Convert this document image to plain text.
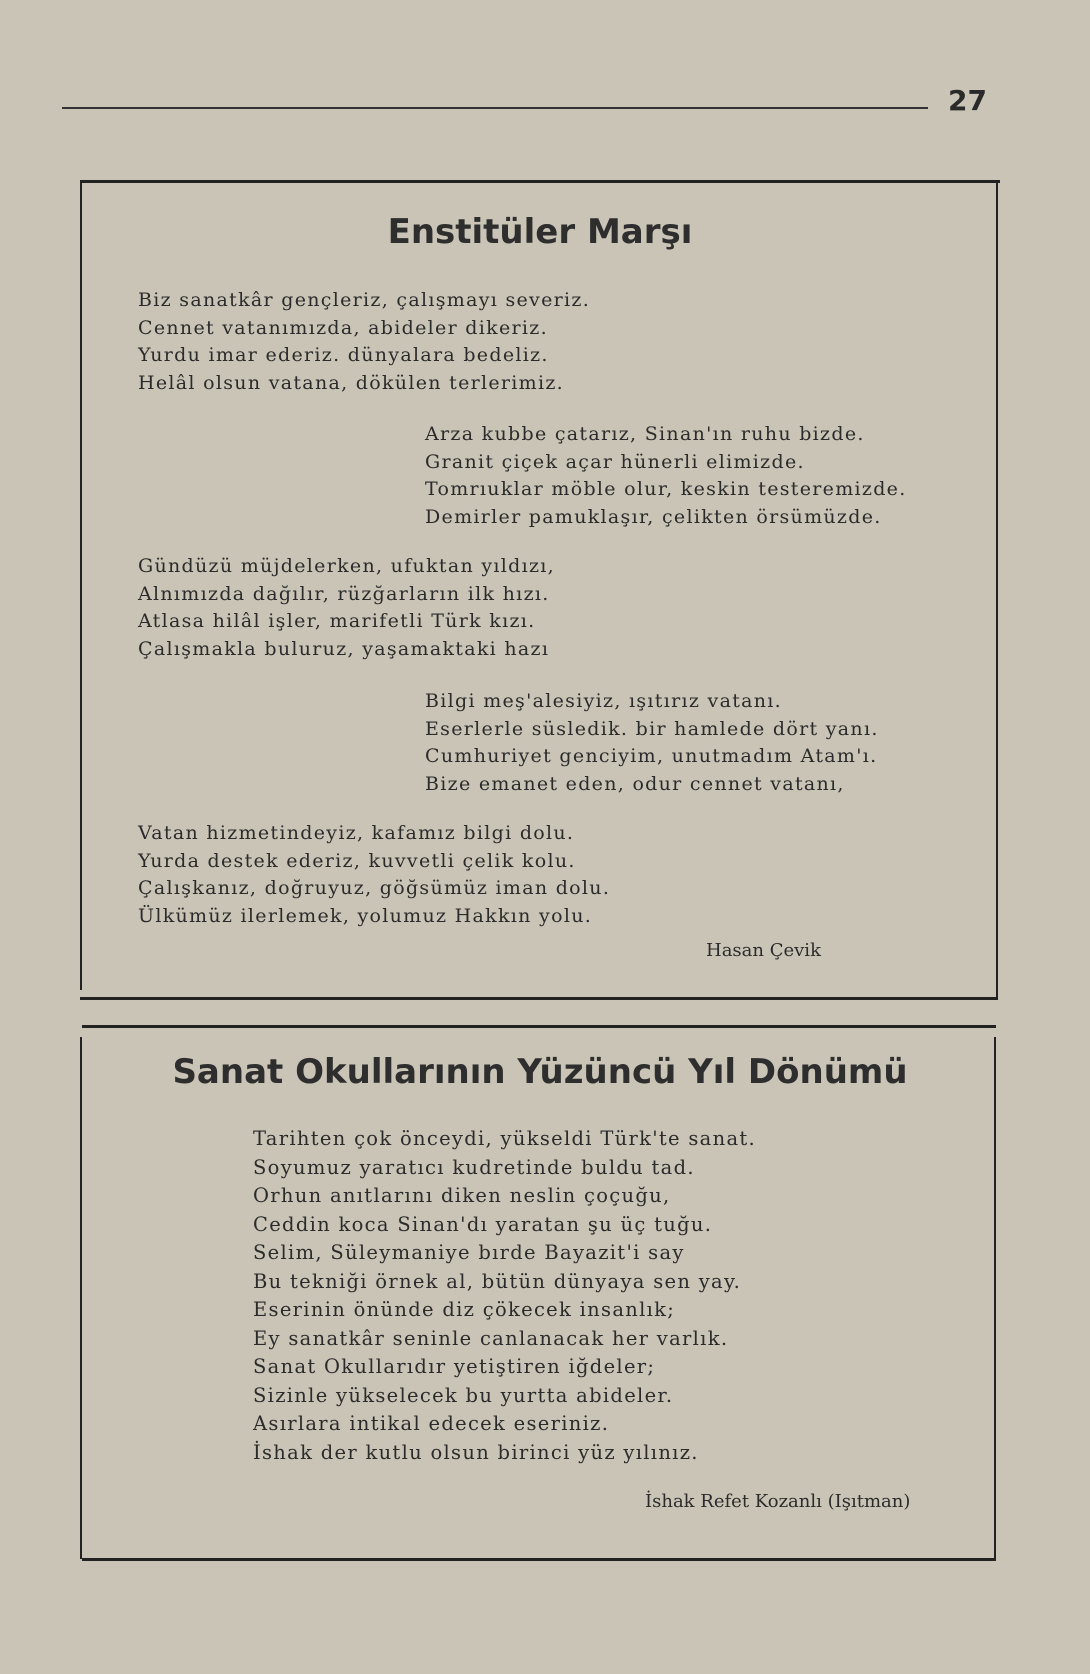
27
Enstitüler Marşı
Biz sanatkâr gençleriz, çalışmayı severiz.
Cennet vatanımızda, abideler dikeriz.
Yurdu imar ederiz. dünyalara bedeliz.
Helâl olsun vatana, dökülen terlerimiz.
Arza kubbe çatarız, Sinan'ın ruhu bizde.
Granit çiçek açar hünerli elimizde.
Tomrıuklar möble olur, keskin testeremizde.
Demirler pamuklaşır, çelikten örsümüzde.
Gündüzü müjdelerken, ufuktan yıldızı,
Alnımızda dağılır, rüzğarların ilk hızı.
Atlasa hilâl işler, marifetli Türk kızı.
Çalışmakla buluruz, yaşamaktaki hazı
Bilgi meş'alesiyiz, ışıtırız vatanı.
Eserlerle süsledik. bir hamlede dört yanı.
Cumhuriyet genciyim, unutmadım Atam'ı.
Bize emanet eden, odur cennet vatanı,
Vatan hizmetindeyiz, kafamız bilgi dolu.
Yurda destek ederiz, kuvvetli çelik kolu.
Çalışkanız, doğruyuz, göğsümüz iman dolu.
Ülkümüz ilerlemek, yolumuz Hakkın yolu.
Hasan Çevik
Sanat Okullarının Yüzüncü Yıl Dönümü
Tarihten çok önceydi, yükseldi Türk'te sanat.
Soyumuz yaratıcı kudretinde buldu tad.
Orhun anıtlarını diken neslin çoçuğu,
Ceddin koca Sinan'dı yaratan şu üç tuğu.
Selim, Süleymaniye bırde Bayazit'i say
Bu tekniği örnek al, bütün dünyaya sen yay.
Eserinin önünde diz çökecek insanlık;
Ey sanatkâr seninle canlanacak her varlık.
Sanat Okullarıdır yetiştiren iğdeler;
Sizinle yükselecek bu yurtta abideler.
Asırlara intikal edecek eseriniz.
İshak der kutlu olsun birinci yüz yılınız.
İshak Refet Kozanlı (Işıtman)
